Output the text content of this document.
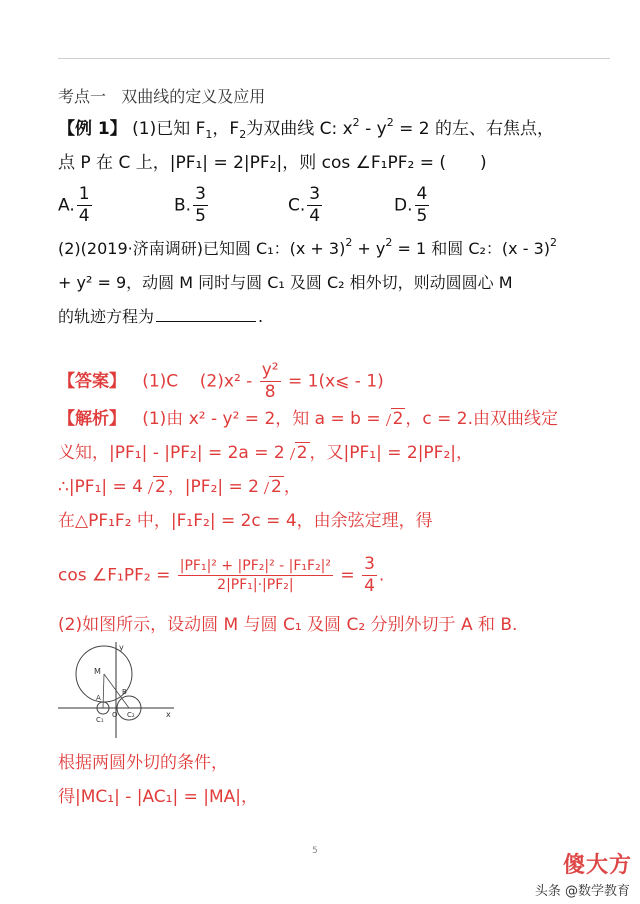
考点一 双曲线的定义及应用
【例 1】 (1)已知 $F_1$，$F_2$为双曲线 C: $x^2 - y^2 = 2$ 的左、右焦点，
点 P 在 C 上，|PF₁| = 2|PF₂|，则 cos ∠F₁PF₂ = (　　)
A. $\frac{1}{4}$	B. $\frac{3}{5}$	C. $\frac{3}{4}$	D. $\frac{4}{5}$
(2)(2019·济南调研)已知圆 C₁：$(x + 3)^2 + y^2 = 1$ 和圆 C₂：(x - 3)$^2$
+ y² = 9，动圆 M 同时与圆 C₁ 及圆 C₂ 相外切，则动圆圆心 M
的轨迹方程为	.
【答案】 (1)C $(2)x^2 - \frac{\text{y²}}{8}$ = 1(x⩽ - 1)
【解析】 (1)由 x² - y² = 2，知 a = b = 2 ，c = 2.由双曲线定
义知，|PF₁| - |PF₂| = 2a = 2 2 ，又|PF₁| = 2|PF₂|，
∴|PF₁| = 4 2 ，|PF₂| = 2 2 ，
在△PF₁F₂ 中，|F₁F₂| = 2c = 4，由余弦定理，得
cos ∠F₁PF₂ = $\frac{\text{|PF₁|² + |PF₂|² - |F₁F₂|²}}{\text{2|PF₁|·|PF₂|}} = \frac{3}{4}$ .
(2)如图所示，设动圆 M 与圆 C₁ 及圆 C₂ 分别外切于 A 和 B.
y
M
A
B
C₁
O C₂	x
根据两圆外切的条件，
得|MC₁| - |AC₁| = |MA|，
5
傻大方
头条 @数学教育
